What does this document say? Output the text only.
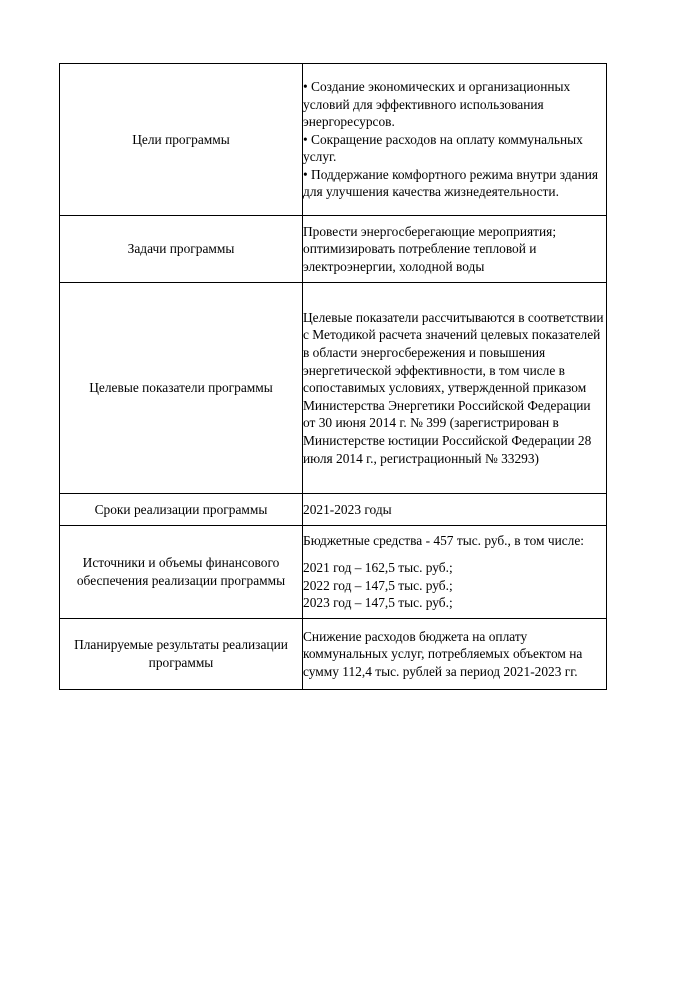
Цели программы	• Создание экономических и организационных условий для эффективного использования энергоресурсов.
• Сокращение расходов на оплату коммунальных услуг.
• Поддержание комфортного режима внутри здания для улучшения качества жизнедеятельности.

Задачи программы	Провести энергосберегающие мероприятия; оптимизировать потребление тепловой и электроэнергии, холодной воды
Целевые показатели программы	Целевые показатели рассчитываются в соответствии с Методикой расчета значений целевых показателей в области энергосбережения и повышения энергетической эффективности, в том числе в сопоставимых условиях, утвержденной приказом Министерства Энергетики Российской Федерации от 30 июня 2014 г. № 399 (зарегистрирован в Министерстве юстиции Российской Федерации 28 июля 2014 г., регистрационный № 33293)
Сроки реализации программы	2021-2023 годы
Источники и объемы финансового обеспечения реализации программы	Бюджетные средства - 457 тыс. руб., в том числе:
2021 год – 162,5 тыс. руб.;
2022 год – 147,5 тыс. руб.;
2023 год – 147,5 тыс. руб.;

Планируемые результаты реализации программы	Снижение расходов бюджета на оплату коммунальных услуг, потребляемых объектом на сумму 112,4 тыс. рублей за период 2021-2023 гг.
